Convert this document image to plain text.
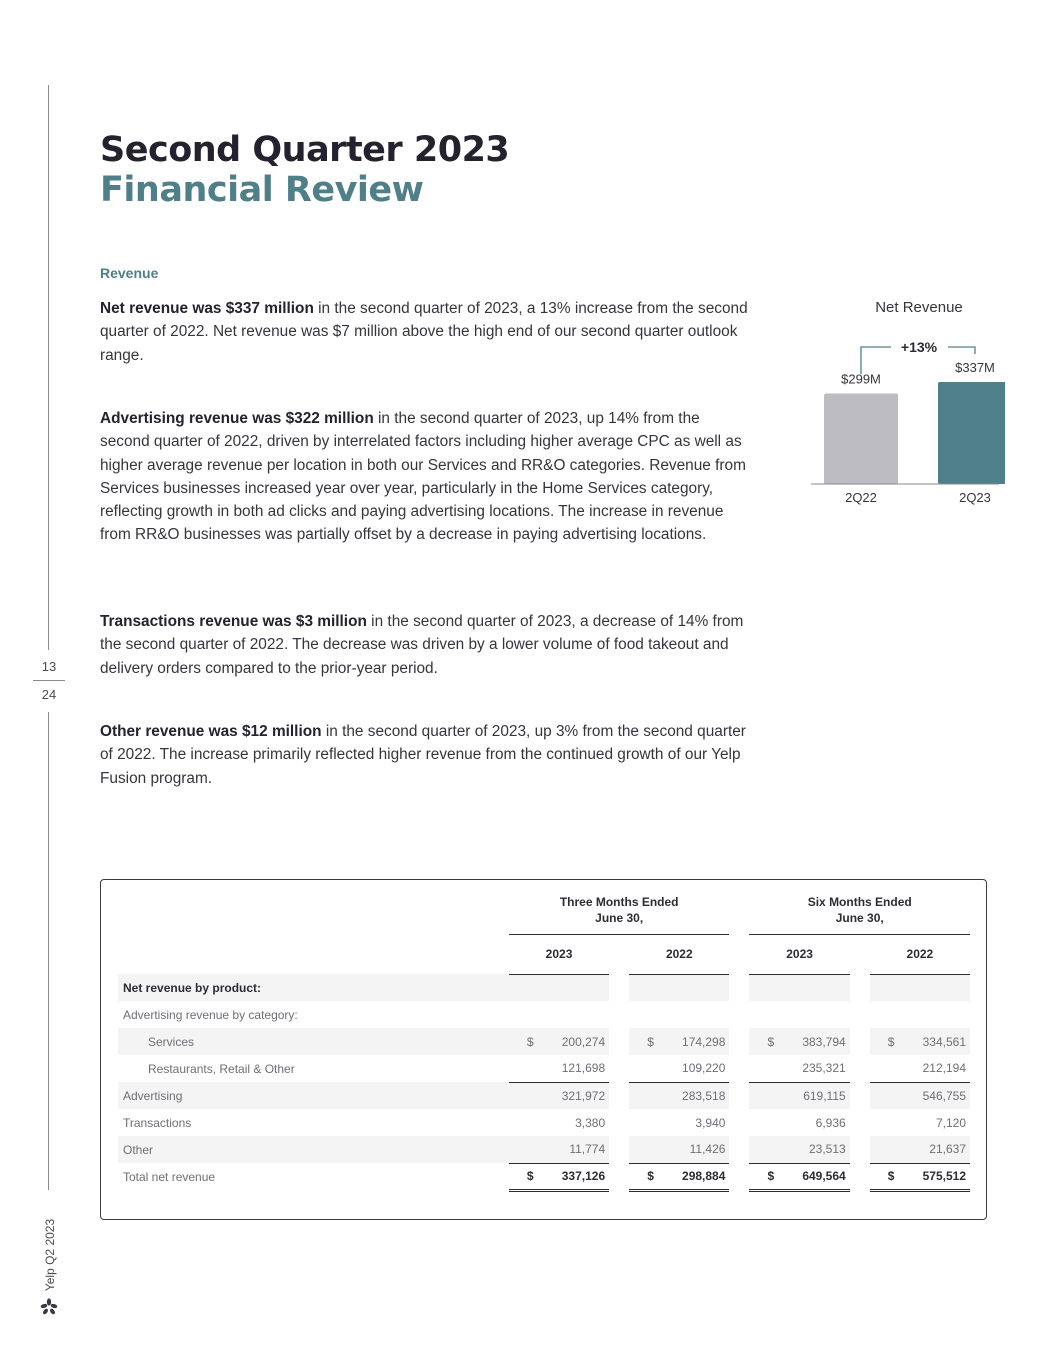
13
24
Yelp Q2 2023
Second Quarter 2023
Financial Review
Revenue

Net revenue was $337 million in the second quarter of 2023, a 13% increase from the second quarter of 2022. Net revenue was $7 million above the high end of our second quarter outlook range.

Advertising revenue was $322 million in the second quarter of 2023, up 14% from the second quarter of 2022, driven by interrelated factors including higher average CPC as well as higher average revenue per location in both our Services and RR&O categories. Revenue from Services businesses increased year over year, particularly in the Home Services category, reflecting growth in both ad clicks and paying advertising locations. The increase in revenue from RR&O businesses was partially offset by a decrease in paying advertising locations.

Transactions revenue was $3 million in the second quarter of 2023, a decrease of 14% from the second quarter of 2022. The decrease was driven by a lower volume of food takeout and delivery orders compared to the prior-year period.

Other revenue was $12 million in the second quarter of 2023, up 3% from the second quarter of 2022. The increase primarily reflected higher revenue from the continued growth of our Yelp Fusion program.

Net Revenue
+13%
$299M
2Q22
$337M
2Q23
	Three Months Ended
June 30,				Six Months Ended
June 30,		
	2023		2022		2023		2022
Net revenue by product:	

Advertising revenue by category:	

Services	$ 200,274		$ 174,298		$ 383,794		$ 334,561

Restaurants, Retail & Other	121,698		109,220		235,321		212,194

Advertising	321,972		283,518		619,115		546,755

Transactions	3,380		3,940		6,936		7,120

Other	11,774		11,426		23,513		21,637

Total net revenue	$ 337,126		$ 298,884		$ 649,564		$ 575,512
